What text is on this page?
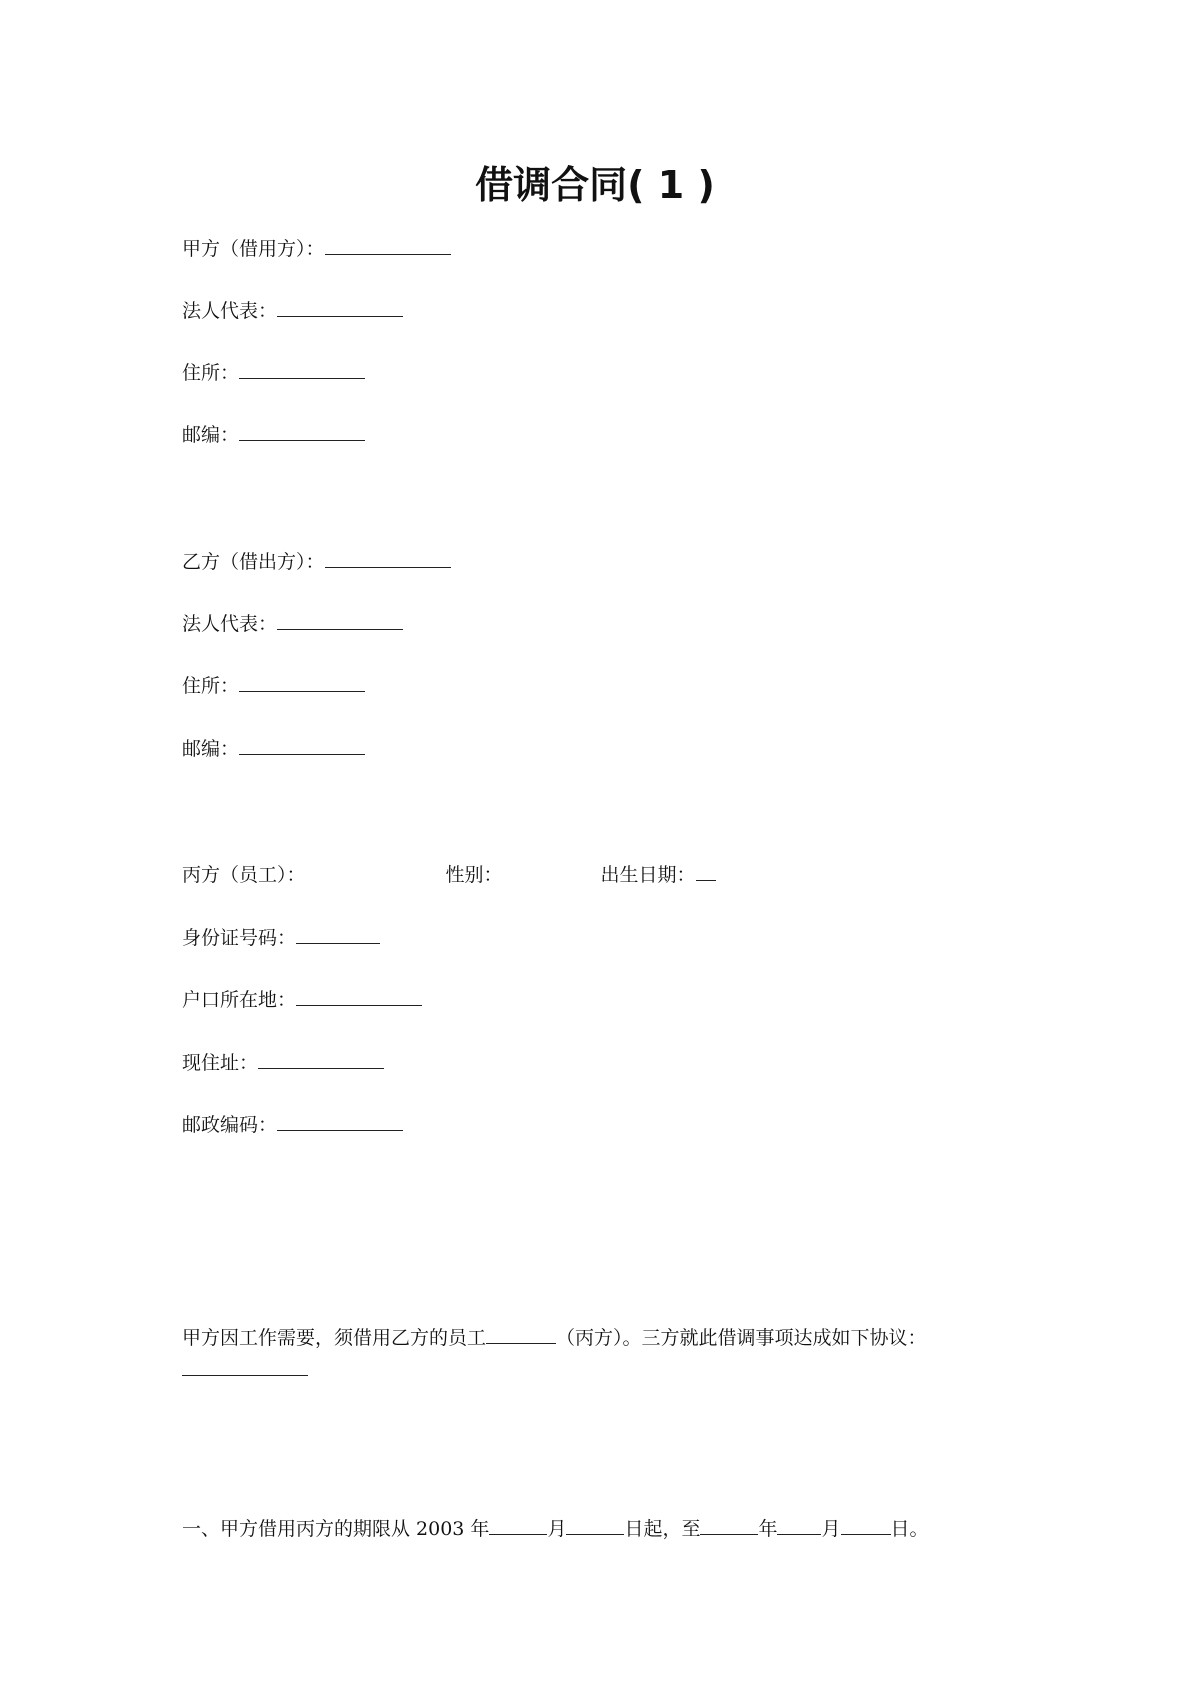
借调合同( 1 )
甲方（借用方）：
法人代表：
住所：
邮编：
乙方（借出方）：
法人代表：
住所：
邮编：
丙方（员工）：	性别：	出生日期：
身份证号码：
户口所在地：
现住址：
邮政编码：
甲方因工作需要，须借用乙方的员工	（丙方）。三方就此借调事项达成如下协议：
一、甲方借用丙方的期限从 2003 年	月	日起，至	年 月	日。
